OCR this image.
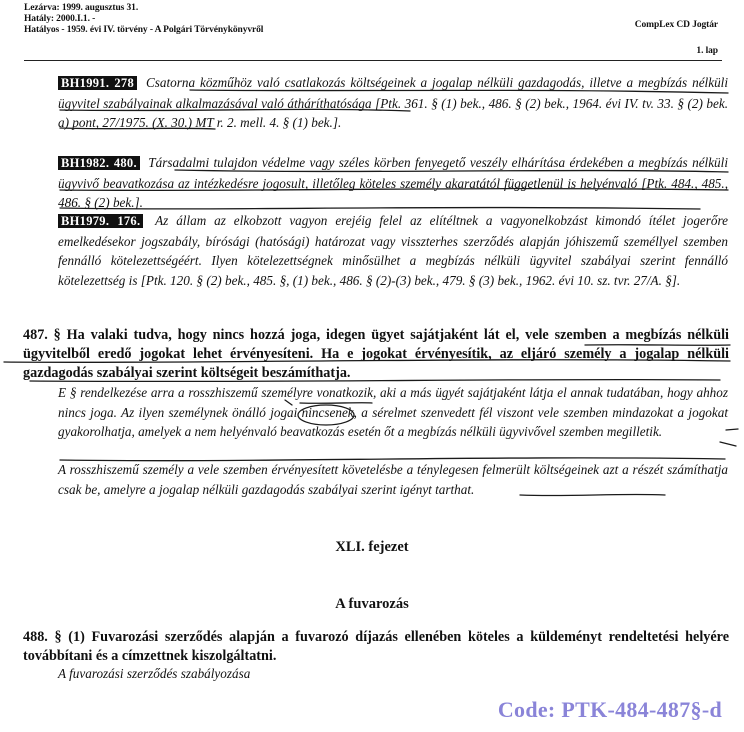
Lezárva: 1999. augusztus 31.
Hatály: 2000.I.1. -
Hatályos - 1959. évi IV. törvény - A Polgári Törvénykönyvről	CompLex CD Jogtár
1. lap
BH1991. 278 Csatorna közműhöz való csatlakozás költségeinek a jogalap nélküli gazdagodás, illetve a megbízás nélküli ügyvitel szabályainak alkalmazásával való átháríthatósága [Ptk. 361. § (1) bek., 486. § (2) bek., 1964. évi IV. tv. 33. § (2) bek. a) pont, 27/1975. (X. 30.) MT r. 2. mell. 4. § (1) bek.].
BH1982. 480. Társadalmi tulajdon védelme vagy széles körben fenyegető veszély elhárítása érdekében a megbízás nélküli ügyvivő beavatkozása az intézkedésre jogosult, illetőleg köteles személy akaratától függetlenül is helyénvaló [Ptk. 484., 485., 486. § (2) bek.].
BH1979. 176. Az állam az elkobzott vagyon erejéig felel az elítéltnek a vagyonelkobzást kimondó ítélet jogerőre emelkedésekor jogszabály, bírósági (hatósági) határozat vagy visszterhes szerződés alapján jóhiszemű személlyel szemben fennálló kötelezettségéért. Ilyen kötelezettségnek minősülhet a megbízás nélküli ügyvitel szabályai szerint fennálló kötelezettség is [Ptk. 120. § (2) bek., 485. §, (1) bek., 486. § (2)-(3) bek., 479. § (3) bek., 1962. évi 10. sz. tvr. 27/A. §].
487. § Ha valaki tudva, hogy nincs hozzá joga, idegen ügyet sajátjaként lát el, vele szemben a megbízás nélküli ügyvitelből eredő jogokat lehet érvényesíteni. Ha e jogokat érvényesítik, az eljáró személy a jogalap nélküli gazdagodás szabályai szerint költségeit beszámíthatja.
E § rendelkezése arra a rosszhiszemű személyre vonatkozik, aki a más ügyét sajátjaként látja el annak tudatában, hogy ahhoz nincs joga. Az ilyen személynek önálló jogai nincsenek, a sérelmet szenvedett fél viszont vele szemben mindazokat a jogokat gyakorolhatja, amelyek a nem helyénvaló beavatkozás esetén őt a megbízás nélküli ügyvivővel szemben megilletik.
A rosszhiszemű személy a vele szemben érvényesített követelésbe a ténylegesen felmerült költségeinek azt a részét számíthatja csak be, amelyre a jogalap nélküli gazdagodás szabályai szerint igényt tarthat.
XLI. fejezet
A fuvarozás
488. § (1) Fuvarozási szerződés alapján a fuvarozó díjazás ellenében köteles a küldeményt rendeltetési helyére továbbítani és a címzettnek kiszolgáltatni.
A fuvarozási szerződés szabályozása
Code: PTK-484-487§-d
